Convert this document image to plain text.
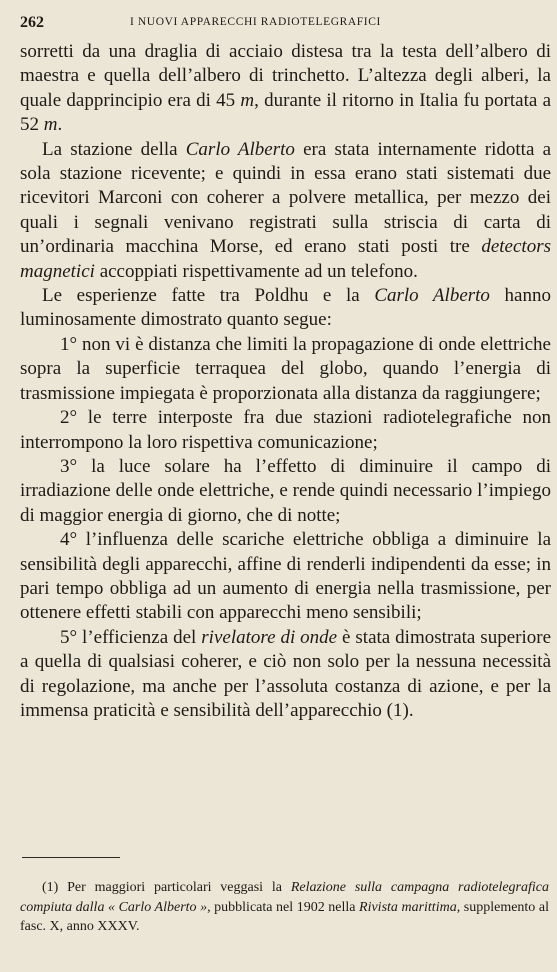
262	I NUOVI APPARECCHI RADIOTELEGRAFICI

sorretti da una draglia di acciaio distesa tra la testa dell’albero di maestra e quella dell’albero di trinchetto. L’altezza degli alberi, la quale dapprincipio era di 45 m, durante il ritorno in Italia fu portata a 52 m.

La stazione della Carlo Alberto era stata internamente ridotta a sola stazione ricevente; e quindi in essa erano stati sistemati due ricevitori Marconi con coherer a polvere metallica, per mezzo dei quali i segnali venivano registrati sulla striscia di carta di un’ordinaria macchina Morse, ed erano stati posti tre detectors magnetici accoppiati rispettivamente ad un telefono.

Le esperienze fatte tra Poldhu e la Carlo Alberto hanno luminosamente dimostrato quanto segue:

1° non vi è distanza che limiti la propagazione di onde elettriche sopra la superficie terraquea del globo, quando l’energia di trasmissione impiegata è proporzionata alla distanza da raggiungere;

2° le terre interposte fra due stazioni radiotelegrafiche non interrompono la loro rispettiva comunicazione;

3° la luce solare ha l’effetto di diminuire il campo di irradiazione delle onde elettriche, e rende quindi necessario l’impiego di maggior energia di giorno, che di notte;

4° l’influenza delle scariche elettriche obbliga a diminuire la sensibilità degli apparecchi, affine di renderli indipendenti da esse; in pari tempo obbliga ad un aumento di energia nella trasmissione, per ottenere effetti stabili con apparecchi meno sensibili;

5° l’efficienza del rivelatore di onde è stata dimostrata superiore a quella di qualsiasi coherer, e ciò non solo per la nessuna necessità di regolazione, ma anche per l’assoluta costanza di azione, e per la immensa praticità e sensibilità dell’apparecchio (1).

(1) Per maggiori particolari veggasi la Relazione sulla campagna radiotelegrafica compiuta dalla « Carlo Alberto », pubblicata nel 1902 nella Rivista marittima, supplemento al fasc. X, anno XXXV.
